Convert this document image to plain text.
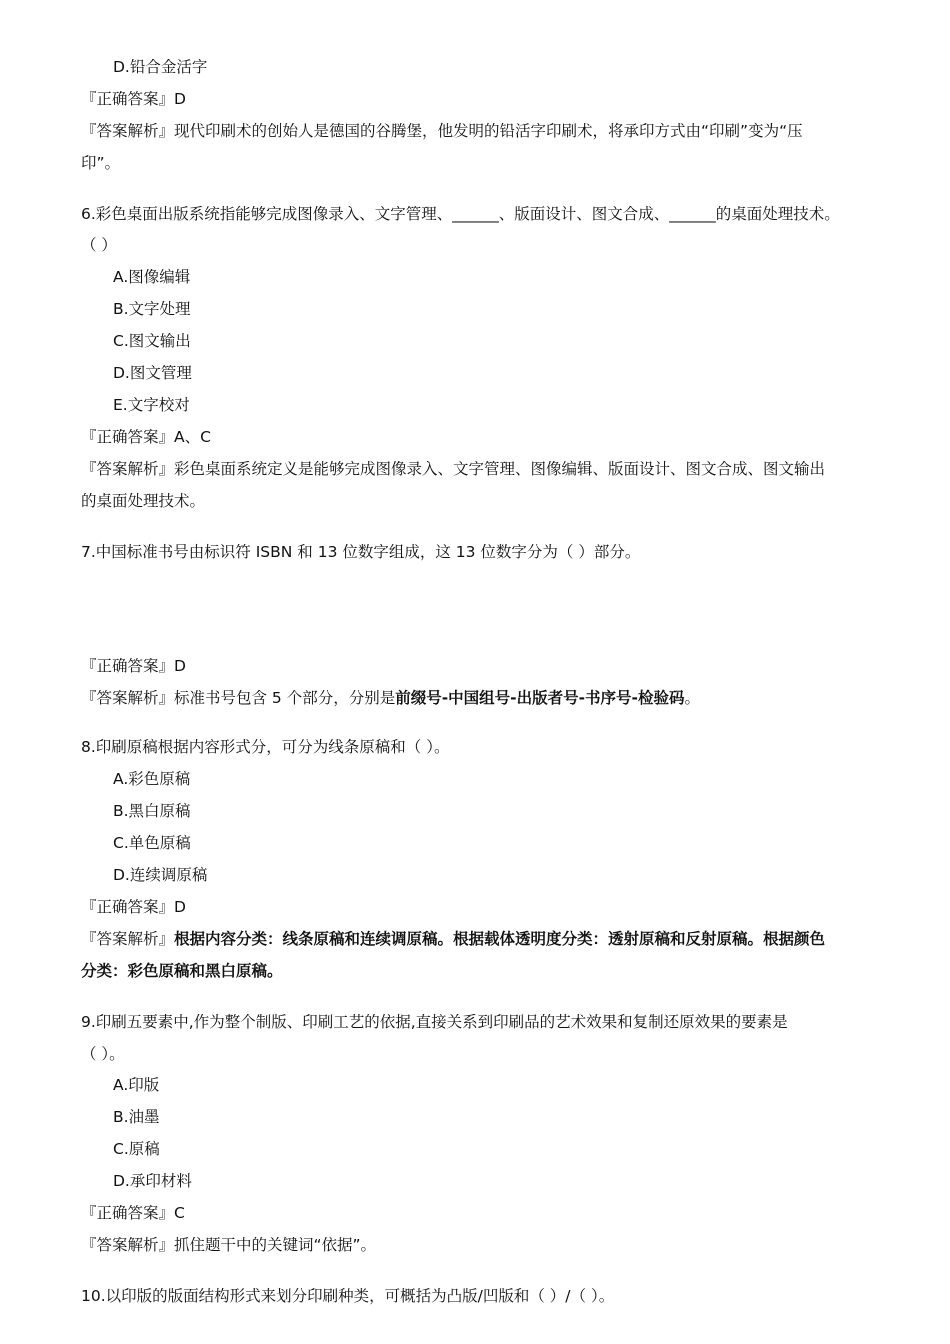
D.铅合金活字
『正确答案』D
『答案解析』现代印刷术的创始人是德国的谷腾堡，他发明的铅活字印刷术，将承印方式由“印刷”变为“压
印”。
6.彩色桌面出版系统指能够完成图像录入、文字管理、______、版面设计、图文合成、______的桌面处理技术。
（ ）
A.图像编辑
B.文字处理
C.图文输出
D.图文管理
E.文字校对
『正确答案』A、C
『答案解析』彩色桌面系统定义是能够完成图像录入、文字管理、图像编辑、版面设计、图文合成、图文输出
的桌面处理技术。
7.中国标准书号由标识符 ISBN 和 13 位数字组成，这 13 位数字分为（ ）部分。
『正确答案』D
『答案解析』标准书号包含 5 个部分，分别是前缀号-中国组号-出版者号-书序号-检验码。
8.印刷原稿根据内容形式分，可分为线条原稿和（ ）。
A.彩色原稿
B.黑白原稿
C.单色原稿
D.连续调原稿
『正确答案』D
『答案解析』根据内容分类：线条原稿和连续调原稿。根据载体透明度分类：透射原稿和反射原稿。根据颜色
分类：彩色原稿和黑白原稿。
9.印刷五要素中,作为整个制版、印刷工艺的依据,直接关系到印刷品的艺术效果和复制还原效果的要素是
（ ）。
A.印版
B.油墨
C.原稿
D.承印材料
『正确答案』C
『答案解析』抓住题干中的关键词“依据”。
10.以印版的版面结构形式来划分印刷种类，可概括为凸版/凹版和（ ）/（ ）。
